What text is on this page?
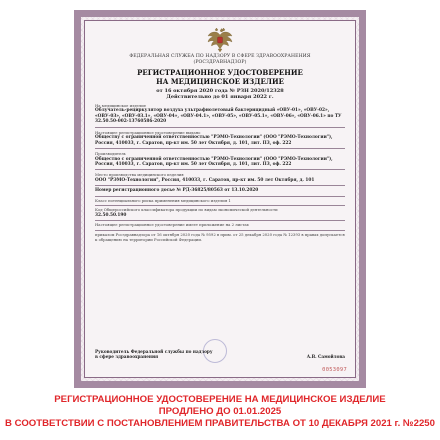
ФЕДЕРАЛЬНАЯ СЛУЖБА ПО НАДЗОРУ В СФЕРЕ ЗДРАВООХРАНЕНИЯ
(РОСЗДРАВНАДЗОР)
РЕГИСТРАЦИОННОЕ УДОСТОВЕРЕНИЕ
НА МЕДИЦИНСКОЕ ИЗДЕЛИЕ
от 16 октября 2020 года № РЗН 2020/12328
Действительно до 01 января 2022 г.
На медицинское изделие
Облучатель-рециркулятор воздуха ультрафиолетовый бактерицидный «ОВУ-01», «ОВУ-02», «ОВУ-03», «ОВУ-03.1», «ОВУ-04», «ОВУ-04.1», «ОВУ-05», «ОВУ-05.1», «ОВУ-06», «ОВУ-06.1» по ТУ 32.50.50-002-13760586-2020
Настоящее регистрационное удостоверение выдано
Обществу с ограниченной ответственностью "РЭМО-Технологии" (ООО "РЭМО-Технологии"), Россия, 410033, г. Саратов, пр-кт им. 50 лет Октября, д. 101, лит. П3, оф. 222
Производитель
Общество с ограниченной ответственностью "РЭМО-Технологии" (ООО "РЭМО-Технологии"), Россия, 410033, г. Саратов, пр-кт им. 50 лет Октября, д. 101, лит. П3, оф. 222
Место производства медицинского изделия
ООО "РЭМО-Технологии", Россия, 410033, г. Саратов, пр-кт им. 50 лет Октября, д. 101
Номер регистрационного досье № РД-36825/80563 от 13.10.2020
Класс потенциального риска применения медицинского изделия 1
Код Общероссийского классификатора продукции по видам экономической деятельности
32.50.50.190
Настоящее регистрационное удостоверение имеет приложение на 2 листах
приказом Росздравнадзора от 16 октября 2020 года № 9592 в прим. от 25 декабря 2020 года № 12393 в правах допускается к обращению на территории Российской Федерации.
Руководитель Федеральной службы по надзору в сфере здравоохранения	А.В. Самойлова
0053097
РЕГИСТРАЦИОННОЕ УДОСТОВЕРЕНИЕ НА МЕДИЦИНСКОЕ ИЗДЕЛИЕ
ПРОДЛЕНО ДО 01.01.2025
В СООТВЕТСТВИИ С ПОСТАНОВЛЕНИЕМ ПРАВИТЕЛЬСТВА ОТ 10 ДЕКАБРЯ 2021 г. №2250
